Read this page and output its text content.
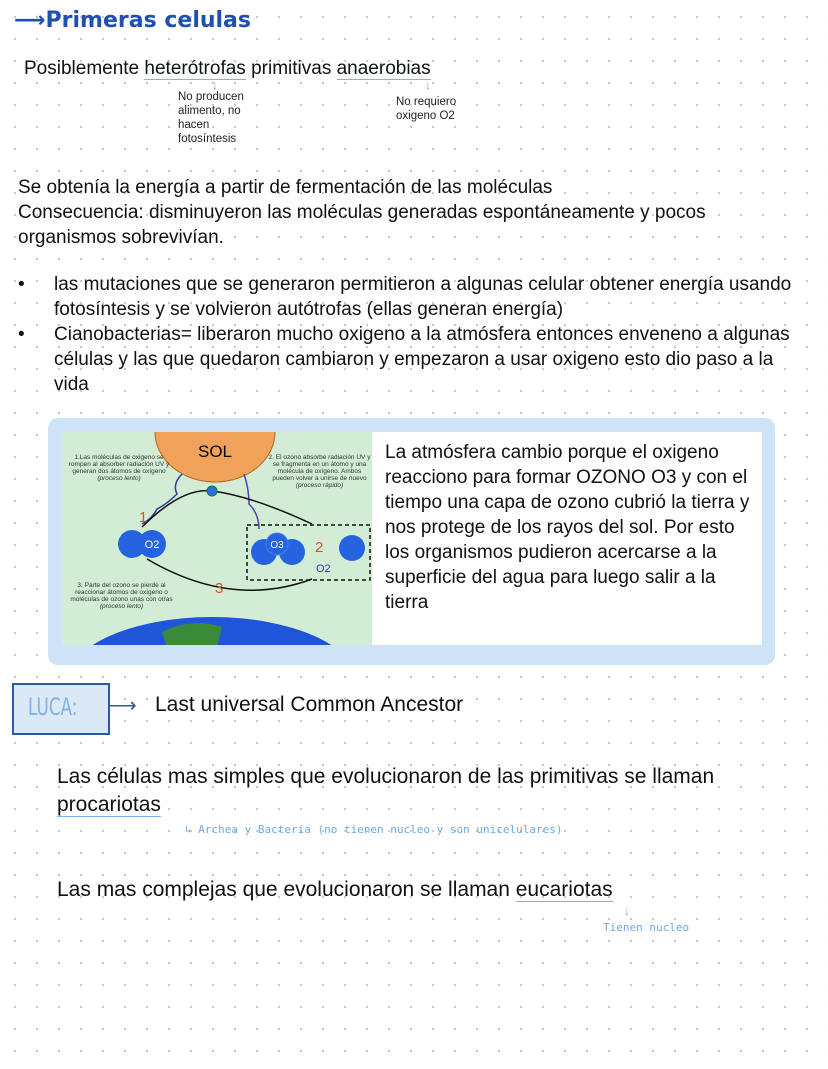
⟶Primeras celulas
Posiblemente heterótrofas primitivas anaerobias
↓	↓
No producen alimento, no hacen fotosíntesis
No requiero oxigeno O2
Se obtenía la energía a partir de fermentación de las moléculas
Consecuencia: disminuyeron las moléculas generadas espontáneamente y pocos organismos sobrevivían.
• las mutaciones que se generaron permitieron a algunas celular obtener energía usando fotosíntesis y se volvieron autótrofas (ellas generan energía)
• Cianobacterias= liberaron mucho oxigeno a la atmósfera entonces enveneno a algunas células y las que quedaron cambiaron y empezaron a usar oxigeno esto dio paso a la vida
SOL
O2	O3 2
O2
1
3
1.Las moléculas de oxigeno se rompen al absorber radiación UV y generan dos átomos de oxígeno (proceso lento)
2. El ozono absorbe radiación UV y se fragmenta en un átomo y una molécula de oxígeno. Ambos pueden volver a unirse de nuevo (proceso rápido)
3. Parte del ozono se pierde al reaccionar átomos de oxígeno o moléculas de ozono unas con otras (proceso lento)
La atmósfera cambio porque el oxigeno reacciono para formar OZONO O3 y con el tiempo una capa de ozono cubrió la tierra y nos protege de los rayos del sol. Por esto los organismos pudieron acercarse a la superficie del agua para luego salir a la tierra
LUCA: ⟶ Last universal Common Ancestor
Las células mas simples que evolucionaron de las primitivas se llaman procariotas
↳ Archea y Bacteria (no tienen nucleo y son unicelulares)
Las mas complejas que evolucionaron se llaman eucariotas
↓
Tienen nucleo
